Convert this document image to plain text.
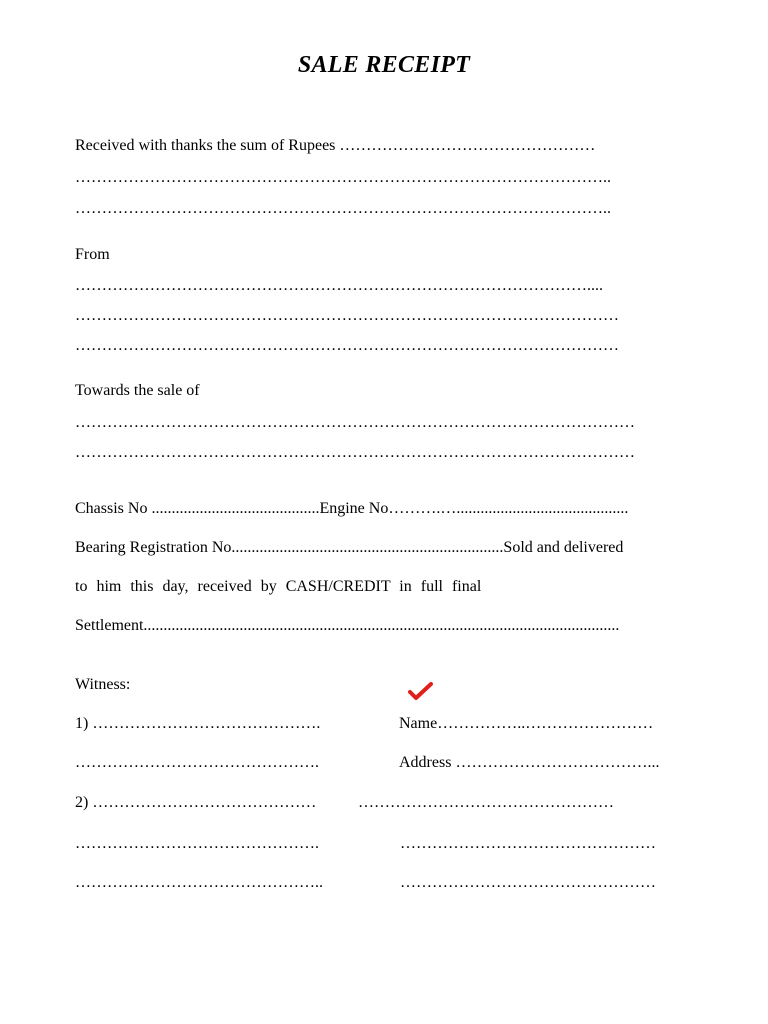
SALE RECEIPT
Received with thanks the sum of Rupees …………………………………………
………………………………………………………………………………………..
………………………………………………………………………………………..
From
……………………………………………………………………………………....
…………………………………………………………………………………………
…………………………………………………………………………………………
Towards the sale of
……………………………………………………………………………………………
……………………………………………………………………………………………
Chassis No ..........................................Engine No……….…...........................................
Bearing Registration No....................................................................Sold and delivered
to him this day, received by CASH/CREDIT in full final
Settlement.......................................................................................................................
Witness:
1) …………………………………….	Name……………..……………………
……………………………………….	Address ………………………………...
2) ……………………………………	…………………………………………
……………………………………….	…………………………………………
………………………………………..	…………………………………………
